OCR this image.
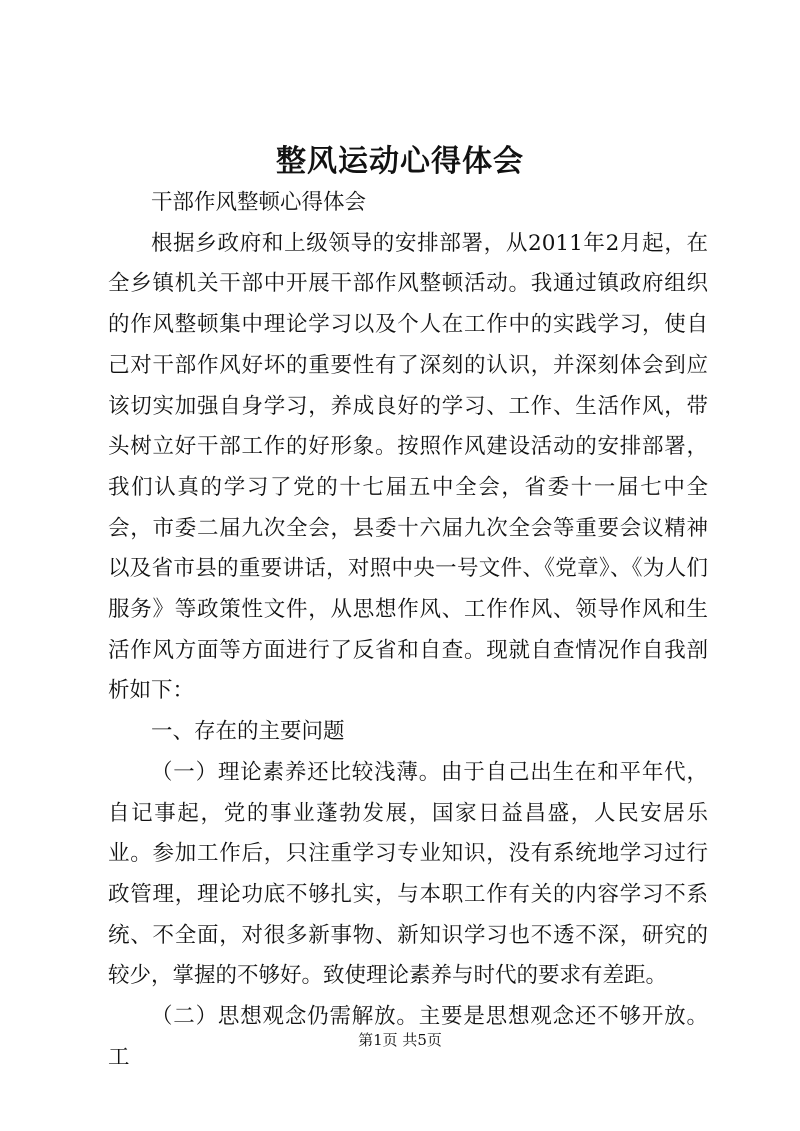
整风运动心得体会

干部作风整顿心得体会

根据乡政府和上级领导的安排部署，从2011年2月起，在全乡镇机关干部中开展干部作风整顿活动。我通过镇政府组织的作风整顿集中理论学习以及个人在工作中的实践学习，使自己对干部作风好坏的重要性有了深刻的认识，并深刻体会到应该切实加强自身学习，养成良好的学习、工作、生活作风，带头树立好干部工作的好形象。按照作风建设活动的安排部署，我们认真的学习了党的十七届五中全会，省委十一届七中全会，市委二届九次全会，县委十六届九次全会等重要会议精神以及省市县的重要讲话，对照中央一号文件、《党章》、《为人们服务》等政策性文件，从思想作风、工作作风、领导作风和生活作风方面等方面进行了反省和自查。现就自查情况作自我剖析如下：

一、存在的主要问题

（一）理论素养还比较浅薄。由于自己出生在和平年代，自记事起，党的事业蓬勃发展，国家日益昌盛，人民安居乐业。参加工作后，只注重学习专业知识，没有系统地学习过行政管理，理论功底不够扎实，与本职工作有关的内容学习不系统、不全面，对很多新事物、新知识学习也不透不深，研究的较少，掌握的不够好。致使理论素养与时代的要求有差距。

（二）思想观念仍需解放。主要是思想观念还不够开放。工

第1页 共5页
